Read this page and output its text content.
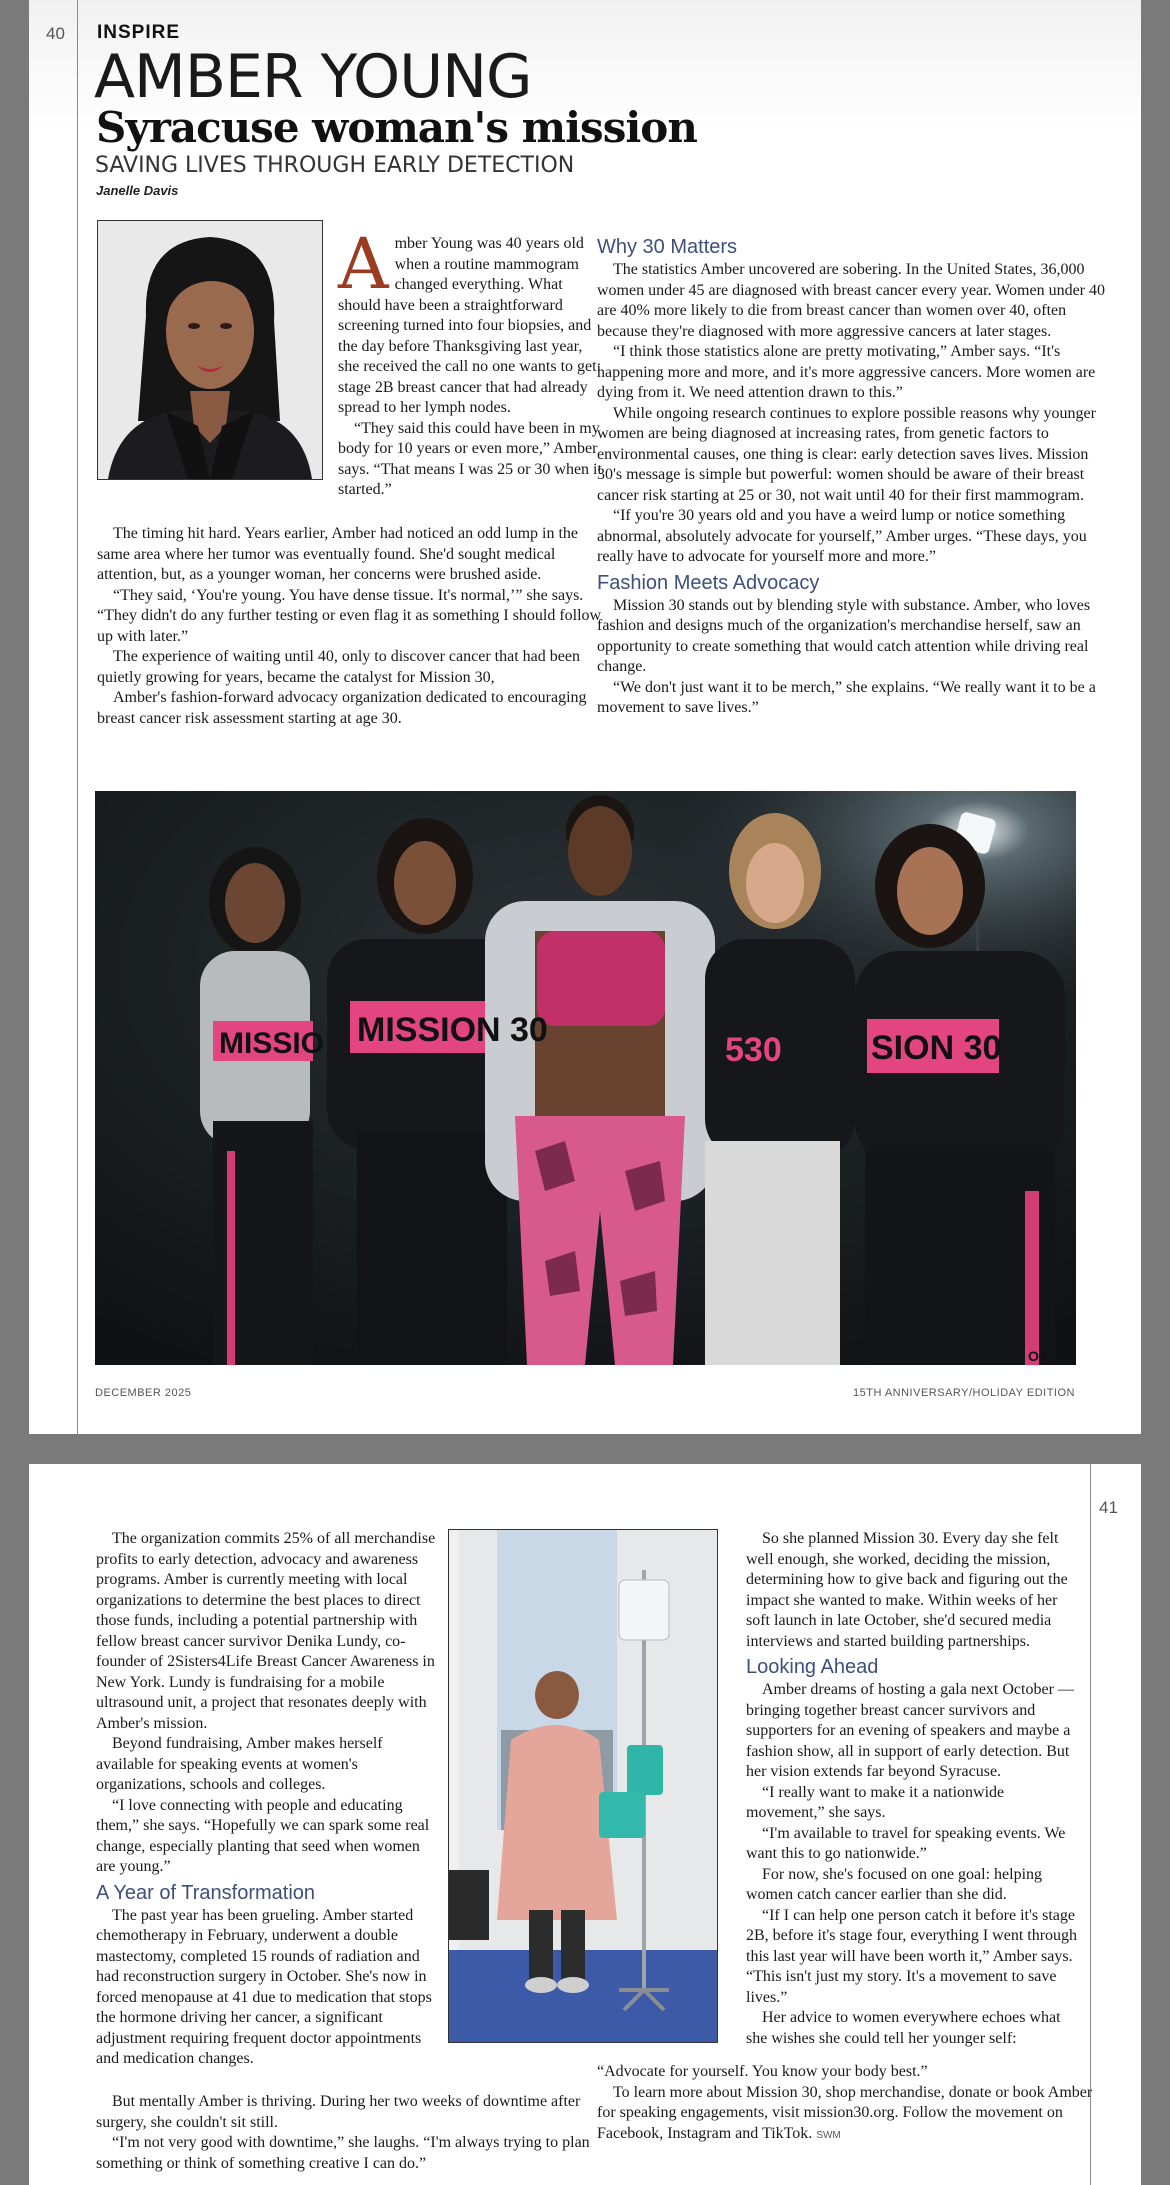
40 INSPIRE
AMBER YOUNG
Syracuse woman's mission
SAVING LIVES THROUGH EARLY DETECTION
Janelle Davis
A mber Young was 40 years old when a routine mammogram changed everything. What should have been a straightforward screening turned into four biopsies, and the day before Thanksgiving last year, she received the call no one wants to get: stage 2B breast cancer that had already spread to her lymph nodes.

“They said this could have been in my body for 10 years or even more,” Amber says. “That means I was 25 or 30 when it started.”

The timing hit hard. Years earlier, Amber had noticed an odd lump in the same area where her tumor was eventually found. She'd sought medical attention, but, as a younger woman, her concerns were brushed aside.

“They said, ‘You're young. You have dense tissue. It's normal,’” she says. “They didn't do any further testing or even flag it as something I should follow up with later.”

The experience of waiting until 40, only to discover cancer that had been quietly growing for years, became the catalyst for Mission 30,

Amber's fashion-forward advocacy organization dedicated to encouraging breast cancer risk assessment starting at age 30.

Why 30 Matters

The statistics Amber uncovered are sobering. In the United States, 36,000 women under 45 are diagnosed with breast cancer every year. Women under 40 are 40% more likely to die from breast cancer than women over 40, often because they're diagnosed with more aggressive cancers at later stages.

“I think those statistics alone are pretty motivating,” Amber says. “It's happening more and more, and it's more aggressive cancers. More women are dying from it. We need attention drawn to this.”

While ongoing research continues to explore possible reasons why younger women are being diagnosed at increasing rates, from genetic factors to environmental causes, one thing is clear: early detection saves lives. Mission 30's message is simple but powerful: women should be aware of their breast cancer risk starting at 25 or 30, not wait until 40 for their first mammogram.

“If you're 30 years old and you have a weird lump or notice something abnormal, absolutely advocate for yourself,” Amber urges. “These days, you really have to advocate for yourself more and more.”

Fashion Meets Advocacy

Mission 30 stands out by blending style with substance. Amber, who loves fashion and designs much of the organization's merchandise herself, saw an opportunity to create something that would catch attention while driving real change.

“We don't just want it to be merch,” she explains. “We really want it to be a movement to save lives.”

MISSIO MISSION 30
530	SION 30
OT
DECEMBER 2025	15TH ANNIVERSARY/HOLIDAY EDITION
41

The organization commits 25% of all merchandise profits to early detection, advocacy and awareness programs. Amber is currently meeting with local organizations to determine the best places to direct those funds, including a potential partnership with fellow breast cancer survivor Denika Lundy, co-founder of 2Sisters4Life Breast Cancer Awareness in New York. Lundy is fundraising for a mobile ultrasound unit, a project that resonates deeply with Amber's mission.

Beyond fundraising, Amber makes herself available for speaking events at women's organizations, schools and colleges.

“I love connecting with people and educating them,” she says. “Hopefully we can spark some real change, especially planting that seed when women are young.”

A Year of Transformation

The past year has been grueling. Amber started chemotherapy in February, underwent a double mastectomy, completed 15 rounds of radiation and had reconstruction surgery in October. She's now in forced menopause at 41 due to medication that stops the hormone driving her cancer, a significant adjustment requiring frequent doctor appointments and medication changes.

But mentally Amber is thriving. During her two weeks of downtime after surgery, she couldn't sit still.

“I'm not very good with downtime,” she laughs. “I'm always trying to plan something or think of something creative I can do.”

So she planned Mission 30. Every day she felt well enough, she worked, deciding the mission, determining how to give back and figuring out the impact she wanted to make. Within weeks of her soft launch in late October, she'd secured media interviews and started building partnerships.

Looking Ahead

Amber dreams of hosting a gala next October — bringing together breast cancer survivors and supporters for an evening of speakers and maybe a fashion show, all in support of early detection. But her vision extends far beyond Syracuse.

“I really want to make it a nationwide movement,” she says.

“I'm available to travel for speaking events. We want this to go nationwide.”

For now, she's focused on one goal: helping women catch cancer earlier than she did.

“If I can help one person catch it before it's stage 2B, before it's stage four, everything I went through this last year will have been worth it,” Amber says. “This isn't just my story. It's a movement to save lives.”

Her advice to women everywhere echoes what she wishes she could tell her younger self:

“Advocate for yourself. You know your body best.”

To learn more about Mission 30, shop merchandise, donate or book Amber for speaking engagements, visit mission30.org. Follow the movement on Facebook, Instagram and TikTok. SWM
